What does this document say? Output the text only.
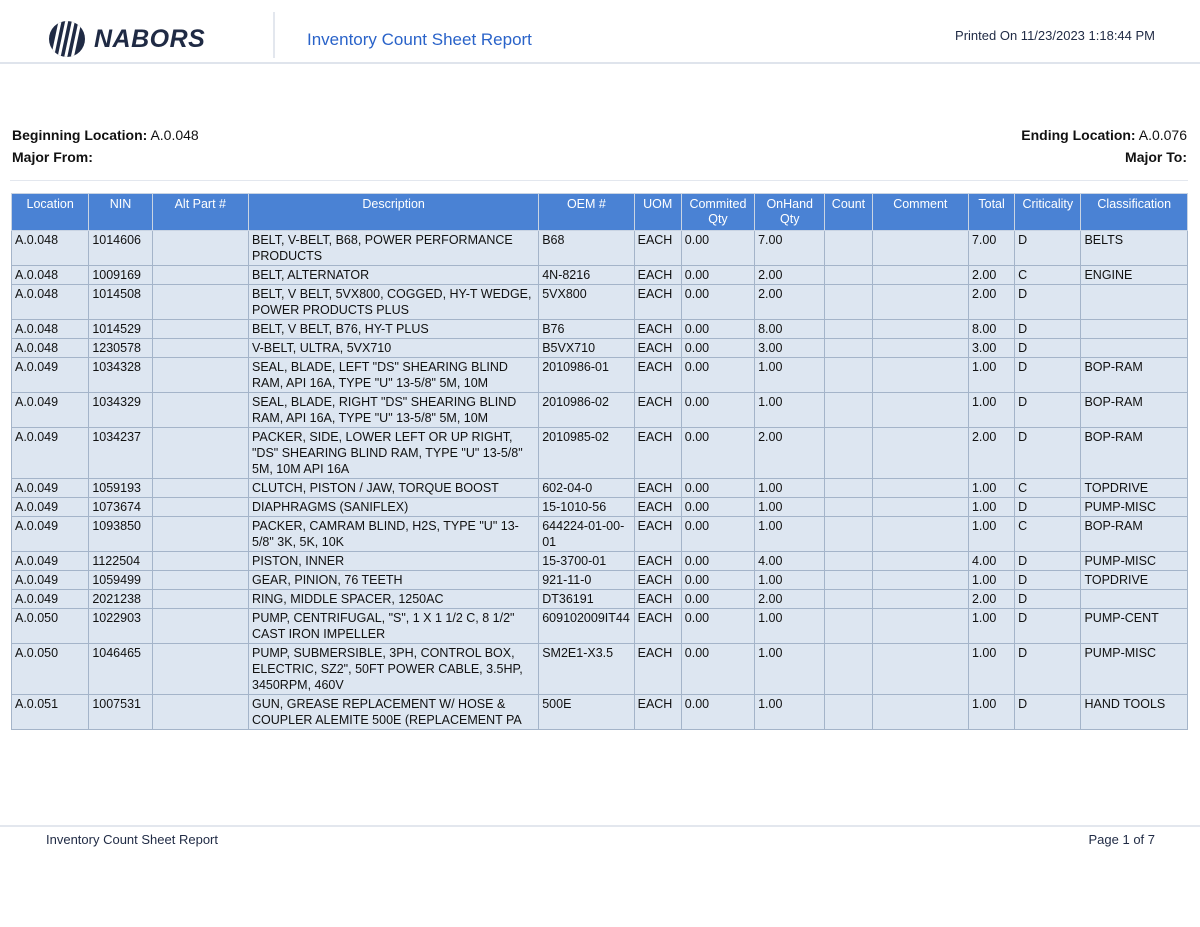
NABORS	Inventory Count Sheet Report	Printed On 11/23/2023 1:18:44 PM
Beginning Location: A.0.048
Major From:
Ending Location: A.0.076
Major To:
Location	NIN	Alt Part #	Description	OEM #	UOM	Commited Qty	OnHand Qty	Count	Comment	Total	Criticality	Classification
A.0.048	1014606		BELT, V-BELT, B68, POWER PERFORMANCE PRODUCTS	B68	EACH	0.00	7.00			7.00	D	BELTS
A.0.048	1009169		BELT, ALTERNATOR	4N-8216	EACH	0.00	2.00			2.00	C	ENGINE
A.0.048	1014508		BELT, V BELT, 5VX800, COGGED, HY-T WEDGE, POWER PRODUCTS PLUS	5VX800	EACH	0.00	2.00			2.00	D	
A.0.048	1014529		BELT, V BELT, B76, HY-T PLUS	B76	EACH	0.00	8.00			8.00	D	
A.0.048	1230578		V-BELT, ULTRA, 5VX710	B5VX710	EACH	0.00	3.00			3.00	D	
A.0.049	1034328		SEAL, BLADE, LEFT "DS" SHEARING BLIND RAM, API 16A, TYPE "U" 13-5/8" 5M, 10M	2010986-01	EACH	0.00	1.00			1.00	D	BOP-RAM
A.0.049	1034329		SEAL, BLADE, RIGHT "DS" SHEARING BLIND RAM, API 16A, TYPE "U" 13-5/8" 5M, 10M	2010986-02	EACH	0.00	1.00			1.00	D	BOP-RAM
A.0.049	1034237		PACKER, SIDE, LOWER LEFT OR UP RIGHT, "DS" SHEARING BLIND RAM, TYPE "U" 13-5/8" 5M, 10M API 16A	2010985-02	EACH	0.00	2.00			2.00	D	BOP-RAM
A.0.049	1059193		CLUTCH, PISTON / JAW, TORQUE BOOST	602-04-0	EACH	0.00	1.00			1.00	C	TOPDRIVE
A.0.049	1073674		DIAPHRAGMS (SANIFLEX)	15-1010-56	EACH	0.00	1.00			1.00	D	PUMP-MISC
A.0.049	1093850		PACKER, CAMRAM BLIND, H2S, TYPE "U" 13-5/8" 3K, 5K, 10K	644224-01-00-01	EACH	0.00	1.00			1.00	C	BOP-RAM
A.0.049	1122504		PISTON, INNER	15-3700-01	EACH	0.00	4.00			4.00	D	PUMP-MISC
A.0.049	1059499		GEAR, PINION, 76 TEETH	921-11-0	EACH	0.00	1.00			1.00	D	TOPDRIVE
A.0.049	2021238		RING, MIDDLE SPACER, 1250AC	DT36191	EACH	0.00	2.00			2.00	D	
A.0.050	1022903		PUMP, CENTRIFUGAL, "S", 1 X 1 1/2 C, 8 1/2" CAST IRON IMPELLER	609102009IT44	EACH	0.00	1.00			1.00	D	PUMP-CENT
A.0.050	1046465		PUMP, SUBMERSIBLE, 3PH, CONTROL BOX, ELECTRIC, SZ2", 50FT POWER CABLE, 3.5HP, 3450RPM, 460V	SM2E1-X3.5	EACH	0.00	1.00			1.00	D	PUMP-MISC
A.0.051	1007531		GUN, GREASE REPLACEMENT W/ HOSE & COUPLER ALEMITE 500E (REPLACEMENT PA	500E	EACH	0.00	1.00			1.00	D	HAND TOOLS
Inventory Count Sheet Report	Page 1 of 7
